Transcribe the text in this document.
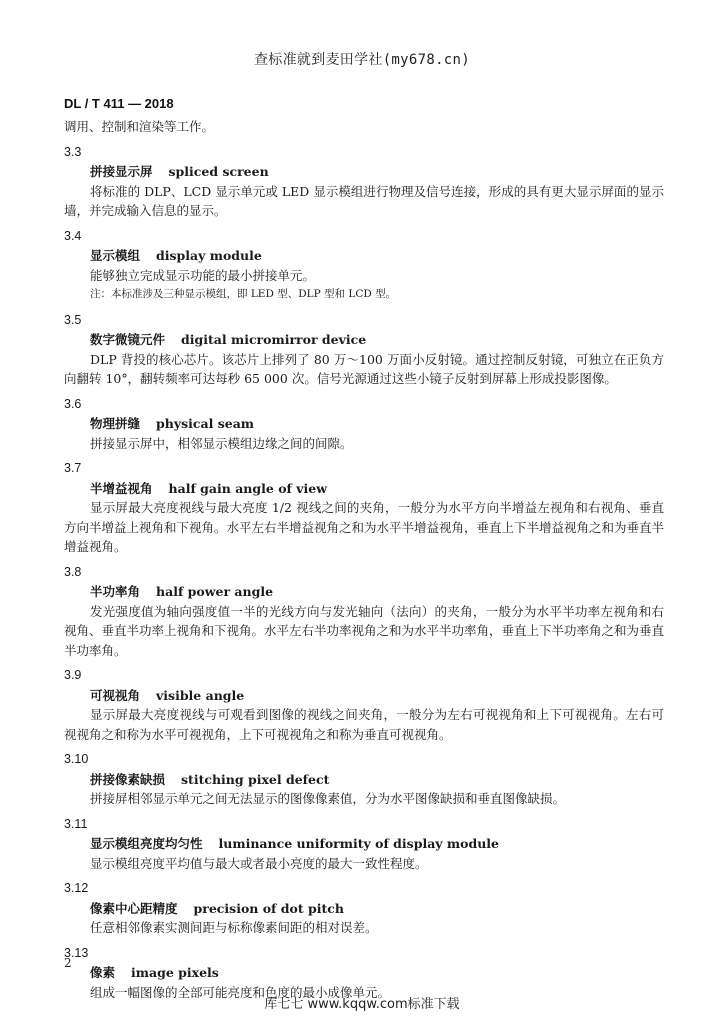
查标准就到麦田学社(my678.cn)
DL / T 411 — 2018

调用、控制和渲染等工作。

3.3

拼接显示屏 spliced screen

将标准的 DLP、LCD 显示单元或 LED 显示模组进行物理及信号连接，形成的具有更大显示屏面的显示墙，并完成输入信息的显示。

3.4

显示模组 display module

能够独立完成显示功能的最小拼接单元。

注：本标准涉及三种显示模组，即 LED 型、DLP 型和 LCD 型。

3.5

数字微镜元件 digital micromirror device

DLP 背投的核心芯片。该芯片上排列了 80 万～100 万面小反射镜。通过控制反射镜，可独立在正负方向翻转 10°，翻转频率可达每秒 65 000 次。信号光源通过这些小镜子反射到屏幕上形成投影图像。

3.6

物理拼缝 physical seam

拼接显示屏中，相邻显示模组边缘之间的间隙。

3.7

半增益视角 half gain angle of view

显示屏最大亮度视线与最大亮度 1/2 视线之间的夹角，一般分为水平方向半增益左视角和右视角、垂直方向半增益上视角和下视角。水平左右半增益视角之和为水平半增益视角，垂直上下半增益视角之和为垂直半增益视角。

3.8

半功率角 half power angle

发光强度值为轴向强度值一半的光线方向与发光轴向（法向）的夹角，一般分为水平半功率左视角和右视角、垂直半功率上视角和下视角。水平左右半功率视角之和为水平半功率角，垂直上下半功率角之和为垂直半功率角。

3.9

可视视角 visible angle

显示屏最大亮度视线与可观看到图像的视线之间夹角，一般分为左右可视视角和上下可视视角。左右可视视角之和称为水平可视视角，上下可视视角之和称为垂直可视视角。

3.10

拼接像素缺损 stitching pixel defect

拼接屏相邻显示单元之间无法显示的图像像素值，分为水平图像缺损和垂直图像缺损。

3.11

显示模组亮度均匀性 luminance uniformity of display module

显示模组亮度平均值与最大或者最小亮度的最大一致性程度。

3.12

像素中心距精度 precision of dot pitch

任意相邻像素实测间距与标称像素间距的相对误差。

3.13

像素 image pixels

组成一幅图像的全部可能亮度和色度的最小成像单元。

2
库七七 www.kqqw.com标准下载
